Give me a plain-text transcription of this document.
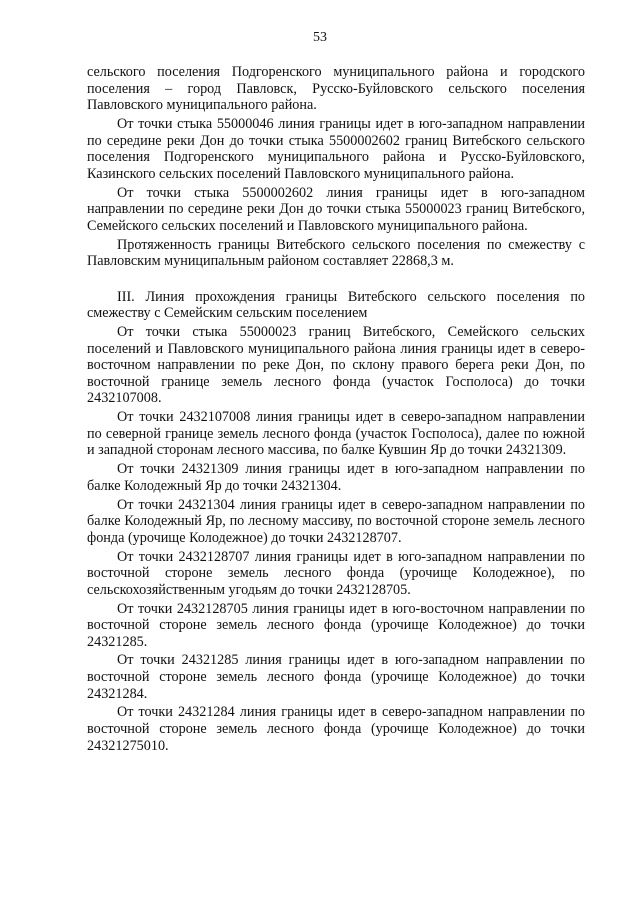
53

сельского поселения Подгоренского муниципального района и городского поселения – город Павловск, Русско-Буйловского сельского поселения Павловского муниципального района.

От точки стыка 55000046 линия границы идет в юго-западном направлении по середине реки Дон до точки стыка 5500002602 границ Витебского сельского поселения Подгоренского муниципального района и Русско-Буйловского, Казинского сельских поселений Павловского муниципального района.

От точки стыка 5500002602 линия границы идет в юго-западном направлении по середине реки Дон до точки стыка 55000023 границ Витебского, Семейского сельских поселений и Павловского муниципального района.

Протяженность границы Витебского сельского поселения по смежеству с Павловским муниципальным районом составляет 22868,3 м.

III. Линия прохождения границы Витебского сельского поселения по смежеству с Семейским сельским поселением

От точки стыка 55000023 границ Витебского, Семейского сельских поселений и Павловского муниципального района линия границы идет в северо-восточном направлении по реке Дон, по склону правого берега реки Дон, по восточной границе земель лесного фонда (участок Госполоса) до точки 2432107008.

От точки 2432107008 линия границы идет в северо-западном направлении по северной границе земель лесного фонда (участок Госполоса), далее по южной и западной сторонам лесного массива, по балке Кувшин Яр до точки 24321309.

От точки 24321309 линия границы идет в юго-западном направлении по балке Колодежный Яр до точки 24321304.

От точки 24321304 линия границы идет в северо-западном направлении по балке Колодежный Яр, по лесному массиву, по восточной стороне земель лесного фонда (урочище Колодежное) до точки 2432128707.

От точки 2432128707 линия границы идет в юго-западном направлении по восточной стороне земель лесного фонда (урочище Колодежное), по сельскохозяйственным угодьям до точки 2432128705.

От точки 2432128705 линия границы идет в юго-восточном направлении по восточной стороне земель лесного фонда (урочище Колодежное) до точки 24321285.

От точки 24321285 линия границы идет в юго-западном направлении по восточной стороне земель лесного фонда (урочище Колодежное) до точки 24321284.

От точки 24321284 линия границы идет в северо-западном направлении по восточной стороне земель лесного фонда (урочище Колодежное) до точки 24321275010.
